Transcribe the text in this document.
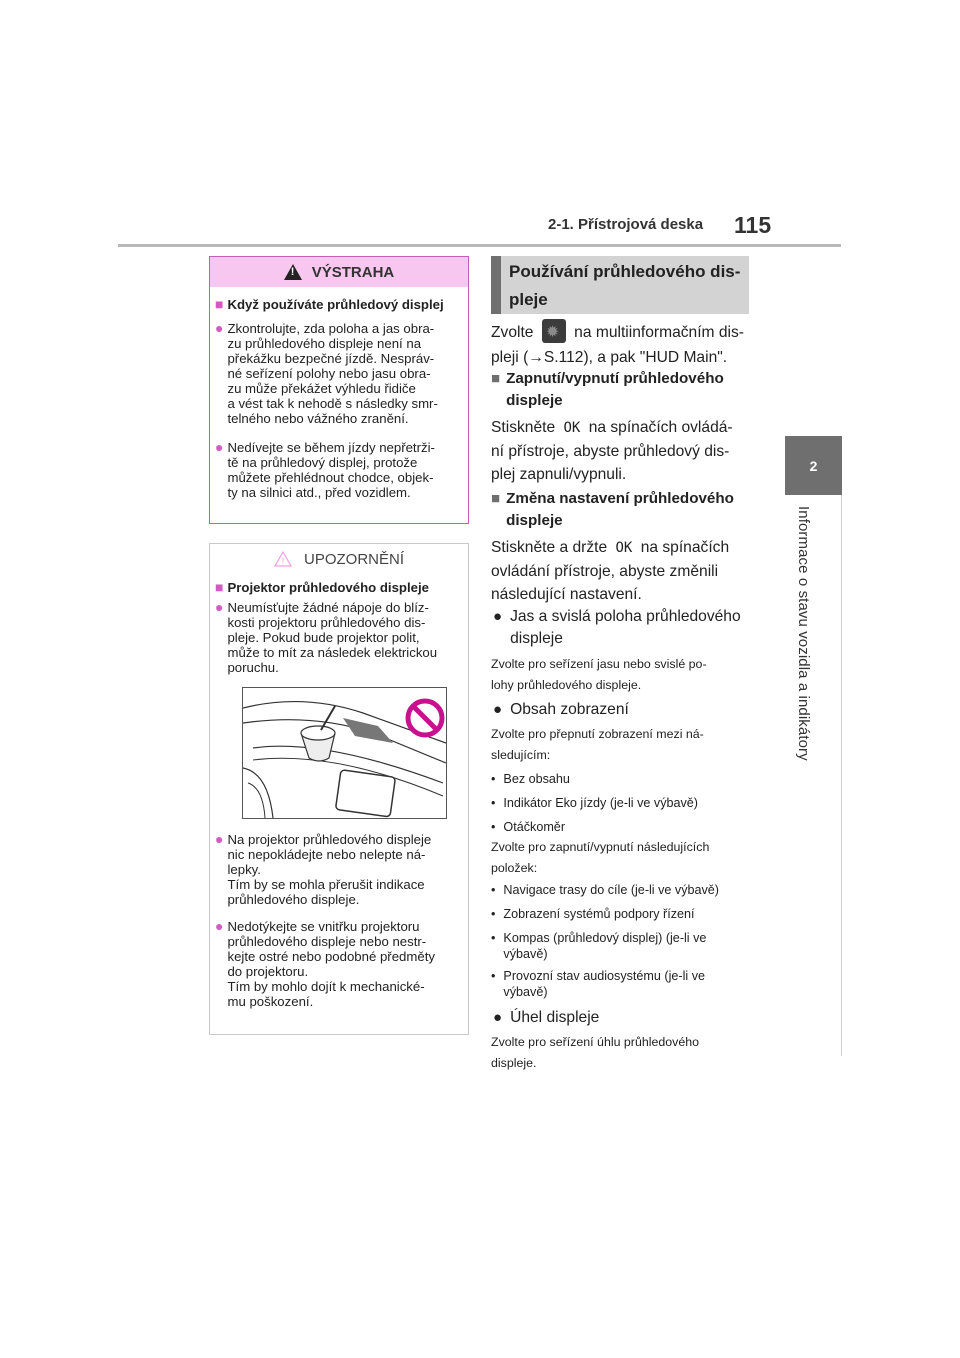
2-1. Přístrojová deska 115
2
Informace o stavu vozidla a indikátory
!
VÝSTRAHA
■ Když používáte průhledový displej
● Zkontrolujte, zda poloha a jas obra-
zu průhledového displeje není na
překážku bezpečné jízdě. Nespráv-
né seřízení polohy nebo jasu obra-
zu může překážet výhledu řidiče
a vést tak k nehodě s následky smr-
telného nebo vážného zranění.
● Nedívejte se během jízdy nepřetrži-
tě na průhledový displej, protože
můžete přehlédnout chodce, objek-
ty na silnici atd., před vozidlem.
! UPOZORNĚNÍ
■ Projektor průhledového displeje
● Neumísťujte žádné nápoje do blíz-
kosti projektoru průhledového dis-
pleje. Pokud bude projektor polit,
může to mít za následek elektrickou
poruchu.
● Na projektor průhledového displeje
nic nepokládejte nebo nelepte ná-
lepky.
Tím by se mohla přerušit indikace
průhledového displeje.
● Nedotýkejte se vnitřku projektoru
průhledového displeje nebo nestr-
kejte ostré nebo podobné předměty
do projektoru.
Tím by mohlo dojít k mechanické-
mu poškození.
Používání průhledového dis-
pleje
Zvolte ✹	na multiinformačním dis-
pleji (→S.112), a pak "HUD Main".
■ Zapnutí/vypnutí průhledového
displejе
Stiskněte OK na spínačích ovládá-
ní přístroje, abyste průhledový dis-
plej zapnuli/vypnuli.
■ Změna nastavení průhledového
displeje
Stiskněte a držte OK na spínačích
ovládání přístroje, abyste změnili
následující nastavení.
● Jas a svislá poloha průhledového
displeje
Zvolte pro seřízení jasu nebo svislé po-
lohy průhledového displeje.
● Obsah zobrazení
Zvolte pro přepnutí zobrazení mezi ná-
sledujícím:
• Bez obsahu
• Indikátor Eko jízdy (je-li ve výbavě)
• Otáčkoměr
Zvolte pro zapnutí/vypnutí následujících
položek:
• Navigace trasy do cíle (je-li ve výbavě)
• Zobrazení systémů podpory řízení
• Kompas (průhledový displej) (je-li ve
výbavě)
• Provozní stav audiosystému (je-li ve
výbavě)
● Úhel displeje
Zvolte pro seřízení úhlu průhledového
displeje.
